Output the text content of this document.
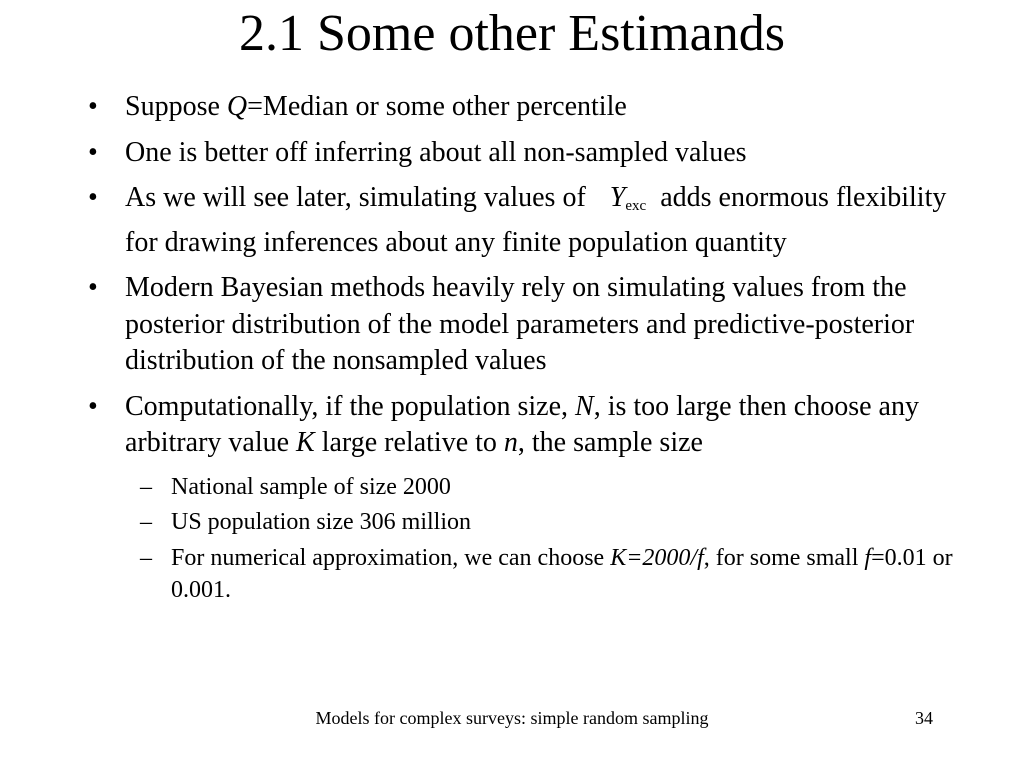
2.1 Some other Estimands
• Suppose Q=Median or some other percentile
• One is better off inferring about all non-sampled values
• As we will see later, simulating values of Yexc adds enormous flexibility for drawing inferences about any finite population quantity
• Modern Bayesian methods heavily rely on simulating values from the posterior distribution of the model parameters and predictive-posterior distribution of the nonsampled values
• Computationally, if the population size, N, is too large then choose any arbitrary value K large relative to n, the sample size
– National sample of size 2000
– US population size 306 million
– For numerical approximation, we can choose K=2000/f, for some small f=0.01 or 0.001.
Models for complex surveys: simple random sampling	34
